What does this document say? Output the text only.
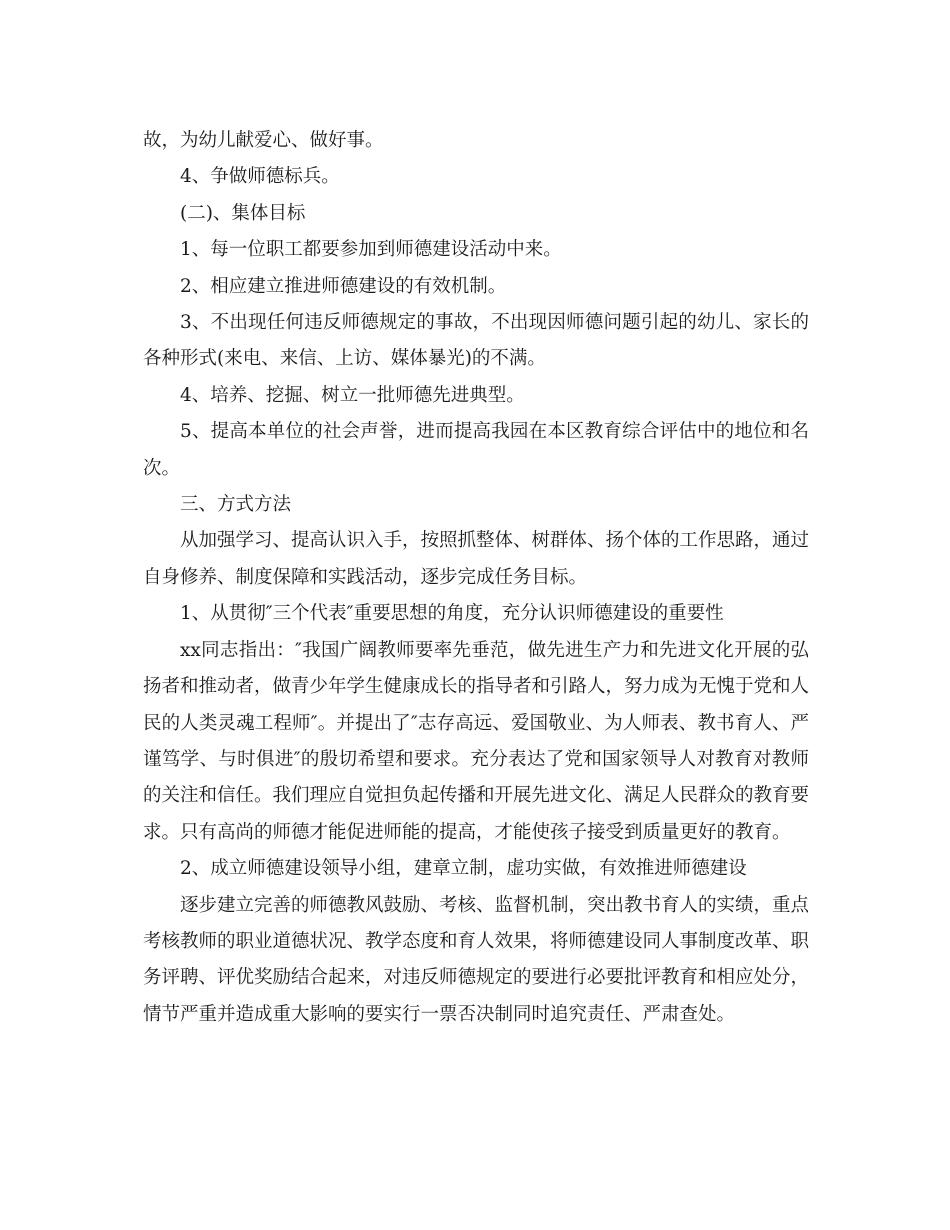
故，为幼儿献爱心、做好事。

4、争做师德标兵。

(二)、集体目标

1、每一位职工都要参加到师德建设活动中来。

2、相应建立推进师德建设的有效机制。

3、不出现任何违反师德规定的事故，不出现因师德问题引起的幼儿、家长的各种形式(来电、来信、上访、媒体暴光)的不满。

4、培养、挖掘、树立一批师德先进典型。

5、提高本单位的社会声誉，进而提高我园在本区教育综合评估中的地位和名次。

三、方式方法

从加强学习、提高认识入手，按照抓整体、树群体、扬个体的工作思路，通过自身修养、制度保障和实践活动，逐步完成任务目标。

1、从贯彻″三个代表″重要思想的角度，充分认识师德建设的重要性

xx同志指出：″我国广阔教师要率先垂范，做先进生产力和先进文化开展的弘扬者和推动者，做青少年学生健康成长的指导者和引路人，努力成为无愧于党和人民的人类灵魂工程师″。并提出了″志存高远、爱国敬业、为人师表、教书育人、严谨笃学、与时俱进″的殷切希望和要求。充分表达了党和国家领导人对教育对教师的关注和信任。我们理应自觉担负起传播和开展先进文化、满足人民群众的教育要求。只有高尚的师德才能促进师能的提高，才能使孩子接受到质量更好的教育。

2、成立师德建设领导小组，建章立制，虚功实做，有效推进师德建设

逐步建立完善的师德教风鼓励、考核、监督机制，突出教书育人的实绩，重点考核教师的职业道德状况、教学态度和育人效果，将师德建设同人事制度改革、职务评聘、评优奖励结合起来，对违反师德规定的要进行必要批评教育和相应处分，情节严重并造成重大影响的要实行一票否决制同时追究责任、严肃查处。
